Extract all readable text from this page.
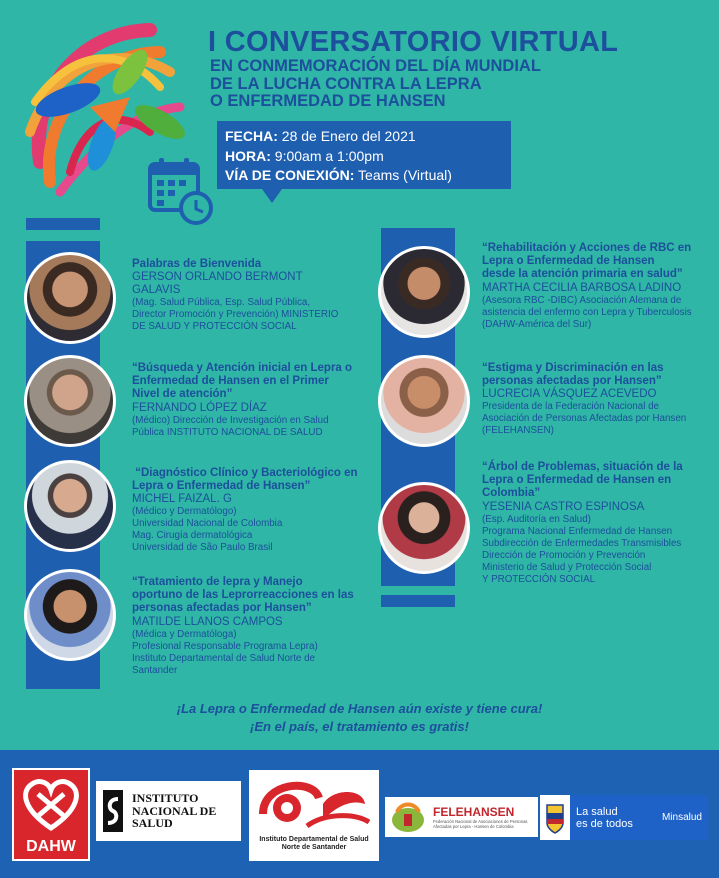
I CONVERSATORIO VIRTUAL
EN CONMEMORACIÓN DEL DÍA MUNDIAL
DE LA LUCHA CONTRA LA LEPRA
O ENFERMEDAD DE HANSEN
FECHA: 28 de Enero del 2021
HORA: 9:00am a 1:00pm
VÍA DE CONEXIÓN: Teams (Virtual)
Palabras de Bienvenida
GERSON ORLANDO BERMONT
GALAVIS
(Mag. Salud Pública, Esp. Salud Pública,
Director Promoción y Prevención) MINISTERIO
DE SALUD Y PROTECCIÓN SOCIAL
“Búsqueda y Atención inicial en Lepra o
Enfermedad de Hansen en el Primer
Nivel de atención”
FERNANDO LÓPEZ DÍAZ
(Médico) Dirección de Investigación en Salud
Pública INSTITUTO NACIONAL DE SALUD
“Diagnóstico Clínico y Bacteriológico en
Lepra o Enfermedad de Hansen”
MICHEL FAIZAL. G
(Médico y Dermatólogo)
Universidad Nacional de Colombia
Mag. Cirugía dermatológica
Universidad de São Paulo Brasil
“Tratamiento de lepra y Manejo
oportuno de las Leprorreacciones en las
personas afectadas por Hansen”
MATILDE LLANOS CAMPOS
(Médica y Dermatóloga)
Profesional Responsable Programa Lepra)
Instituto Departamental de Salud Norte de
Santander
“Rehabilitación y Acciones de RBC en
Lepra o Enfermedad de Hansen
desde la atención primaria en salud”
MARTHA CECILIA BARBOSA LADINO
(Asesora RBC -DIBC) Asociación Alemana de
asistencia del enfermo con Lepra y Tuberculosis
(DAHW-América del Sur)
“Estigma y Discriminación en las
personas afectadas por Hansen”
LUCRECIA VÁSQUEZ ACEVEDO
Presidenta de la Federación Nacional de
Asociación de Personas Afectadas por Hansen
(FELEHANSEN)
“Árbol de Problemas, situación de la
Lepra o Enfermedad de Hansen en
Colombia”
YESENIA CASTRO ESPINOSA
(Esp. Auditoría en Salud)
Programa Nacional Enfermedad de Hansen
Subdirección de Enfermedades Transmisibles
Dirección de Promoción y Prevención
Ministerio de Salud y Protección Social
Y PROTECCIÓN SOCIAL
¡La Lepra o Enfermedad de Hansen aún existe y tiene cura!
¡En el país, el tratamiento es gratis!
DAHW
INSTITUTO
NACIONAL DE
SALUD
Instituto Departamental de Salud
Norte de Santander
FELEHANSEN
Federación Nacional de Asociaciones de Personas Afectadas por Lepra - Hansen de Colombia
La salud
es de todos	Minsalud
